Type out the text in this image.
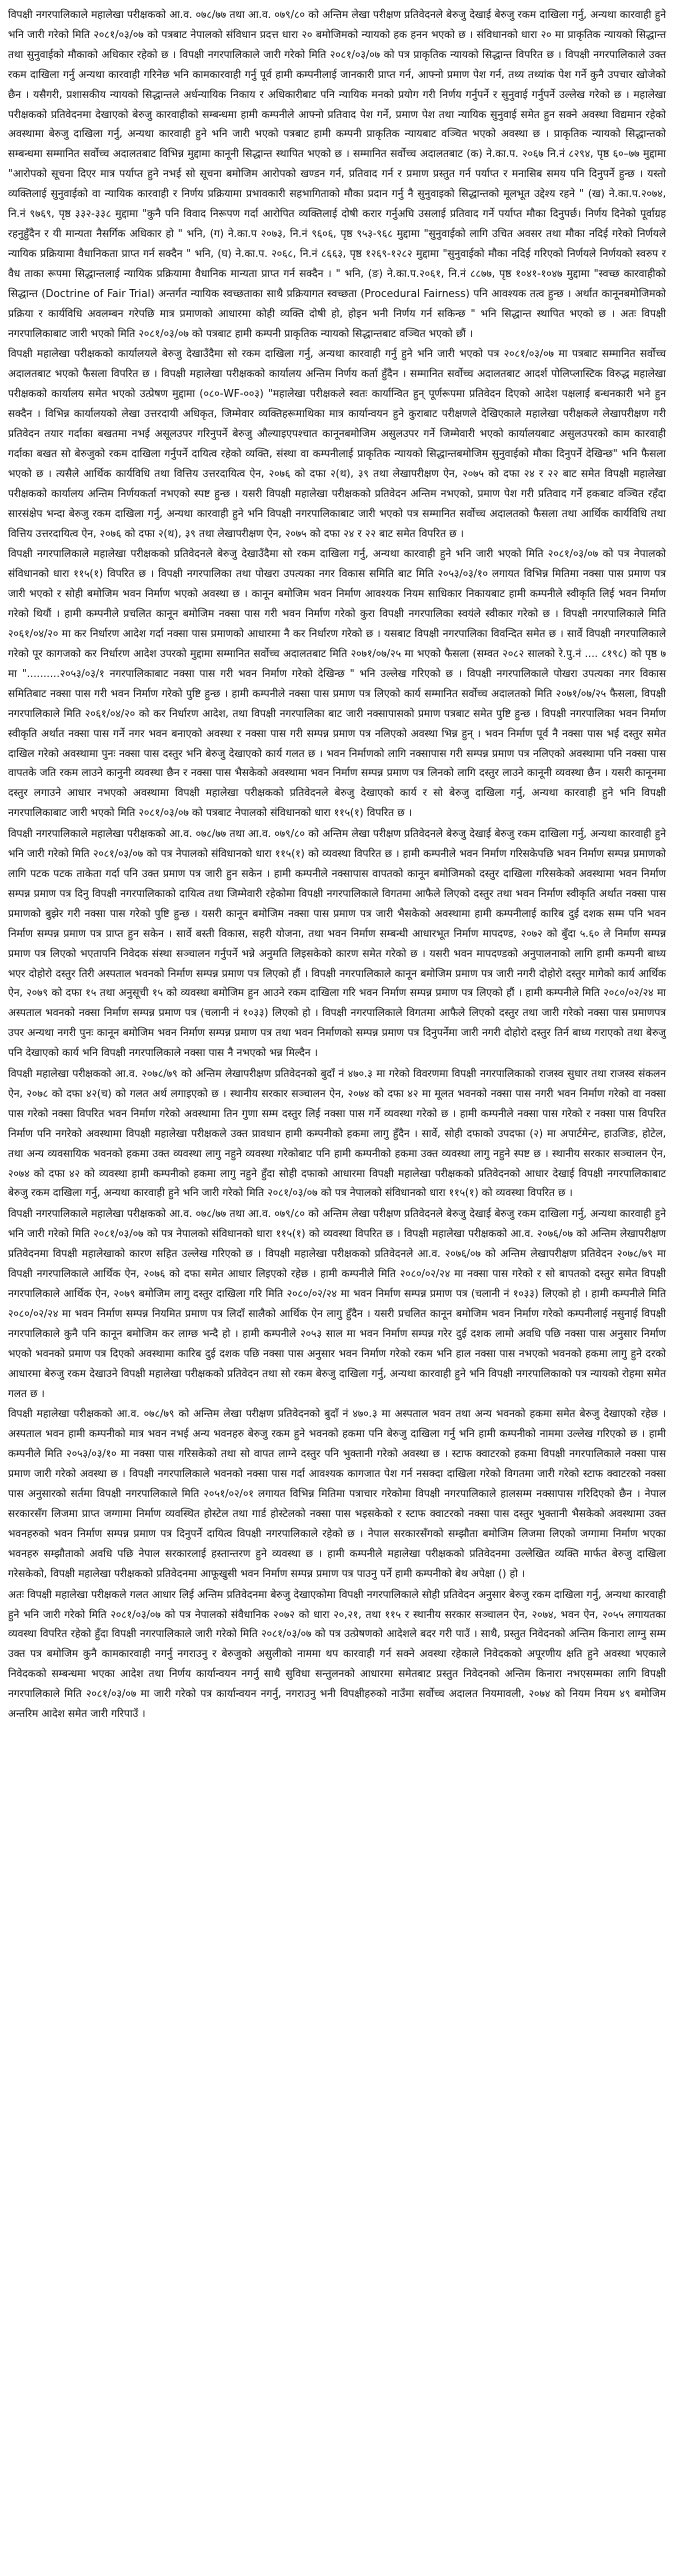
विपक्षी नगरपालिकाले महालेखा परीक्षकको आ.व. ०७८/७७ तथा आ.व. ०७९/८० को अन्तिम लेखा परीक्षण प्रतिवेदनले बेरुजु देखाई बेरुजु रकम दाखिला गर्नु, अन्यथा कारवाही हुने भनि जारी गरेको मिति २०८१/०३/०७ को पत्रबाट नेपालको संविधान प्रदत्त धारा २० बमोजिमको न्यायको हक हनन भएको छ । संविधानको धारा २० मा प्राकृतिक न्यायको सिद्धान्त तथा सुनुवाईको मौकाको अधिकार रहेको छ । विपक्षी नगरपालिकाले जारी गरेको मिति २०८१/०३/०७ को पत्र प्राकृतिक न्यायको सिद्धान्त विपरित छ । विपक्षी नगरपालिकाले उक्त रकम दाखिला गर्नु अन्यथा कारवाही गरिनेछ भनि कामकारवाही गर्नु पूर्व हामी कम्पनीलाई जानकारी प्राप्त गर्न, आफ्नो प्रमाण पेश गर्न, तथ्य तथ्यांक पेश गर्ने कुनै उपचार खोजेको छैन । यसैगरी, प्रशासकीय न्यायको सिद्धान्तले अर्धन्यायिक निकाय र अधिकारीबाट पनि न्यायिक मनको प्रयोग गरी निर्णय गर्नुपर्ने र सुनुवाई गर्नुपर्ने उल्लेख गरेको छ । महालेखा परीक्षकको प्रतिवेदनमा देखाएको बेरुजु कारवाहीको सम्बन्धमा हामी कम्पनीले आफ्नो प्रतिवाद पेश गर्ने, प्रमाण पेश तथा न्यायिक सुनुवाई समेत हुन सक्ने अवस्था विद्यमान रहेको अवस्थामा बेरुजु दाखिला गर्नु, अन्यथा कारवाही हुने भनि जारी भएको पत्रबाट हामी कम्पनी प्राकृतिक न्यायबाट वञ्चित भएको अवस्था छ । प्राकृतिक न्यायको सिद्धान्तको सम्बन्धमा सम्मानित सर्वोच्च अदालतबाट विभिन्न मुद्दामा कानूनी सिद्धान्त स्थापित भएको छ । सम्मानित सर्वोच्च अदालतबाट (क) ने.का.प. २०६७ नि.नं ८२९४, पृष्ठ ६०–७७ मुद्दामा "आरोपको सूचना दिएर मात्र पर्याप्त हुने नभई सो सूचना बमोजिम आरोपको खण्डन गर्न, प्रतिवाद गर्न र प्रमाण प्रस्तुत गर्न पर्याप्त र मनासिब समय पनि दिनुपर्ने हुन्छ । यस्तो व्यक्तिलाई सुनुवाईको वा न्यायिक कारवाही र निर्णय प्रक्रियामा प्रभावकारी सहभागिताको मौका प्रदान गर्नु नै सुनुवाइको सिद्धान्तको मूलभूत उद्देश्य रहने " (ख) ने.का.प.२०७४, नि.नं ९७६९, पृष्ठ ३३२-३३८ मुद्दामा "कुनै पनि विवाद निरूपण गर्दा आरोपित व्यक्तिलाई दोषी करार गर्नुअघि उसलाई प्रतिवाद गर्ने पर्याप्त मौका दिनुपर्छ। निर्णय दिनेको पूर्वाग्रह रहनुहुँदैन र यी मान्यता नैसर्गिक अधिकार हो " भनि, (ग) ने.का.प २०७३, नि.नं ९६०६, पृष्ठ ९५३-९६८ मुद्दामा "सुनुवाईको लागि उचित अवसर तथा मौका नदिई गरेको निर्णयले न्यायिक प्रक्रियामा वैधानिकता प्राप्त गर्न सक्दैन " भनि, (घ) ने.का.प. २०६८, नि.नं ८६६३, पृष्ठ १२६९-१२८२ मुद्दामा "सुनुवाईको मौका नदिई गरिएको निर्णयले निर्णयको स्वरुप र वैध ताका रूपमा सिद्धान्तलाई न्यायिक प्रक्रियामा वैधानिक मान्यता प्राप्त गर्न सक्दैन । " भनि, (ङ) ने.का.प.२०६१, नि.नं ८८७७, पृष्ठ १०४१-१०४७ मुद्दामा "स्वच्छ कारवाहीको सिद्धान्त (Doctrine of Fair Trial) अन्तर्गत न्यायिक स्वच्छताका साथै प्रक्रियागत स्वच्छता (Procedural Fairness) पनि आवश्यक तत्व हुन्छ । अर्थात कानूनबमोजिमको प्रक्रिया र कार्यविधि अवलम्बन गरेपछि मात्र प्रमाणको आधारमा कोही व्यक्ति दोषी हो, होइन भनी निर्णय गर्न सकिन्छ " भनि सिद्धान्त स्थापित भएको छ । अतः विपक्षी नगरपालिकाबाट जारी भएको मिति २०८१/०३/०७ को पत्रबाट हामी कम्पनी प्राकृतिक न्यायको सिद्धान्तबाट वञ्चित भएको छौं ।

विपक्षी महालेखा परीक्षकको कार्यालयले बेरुजु देखाउँदैमा सो रकम दाखिला गर्नु, अन्यथा कारवाही गर्नु हुने भनि जारी भएको पत्र २०८१/०३/०७ मा पत्रबाट सम्मानित सर्वोच्च अदालतबाट भएको फैसला विपरित छ । विपक्षी महालेखा परीक्षकको कार्यालय अन्तिम निर्णय कर्ता हुँदैन । सम्मानित सर्वोच्च अदालतबाट आदर्श पोलिप्लास्टिक विरुद्ध महालेखा परीक्षकको कार्यालय समेत भएको उत्प्रेषण मुद्दामा (०८०-WF-००३) "महालेखा परीक्षकले स्वतः कार्यान्वित हुन् पूर्णरूपमा प्रतिवेदन दिएको आदेश पक्षलाई बन्धनकारी भने हुन सक्दैन । विभिन्न कार्यालयको लेखा उत्तरदायी अधिकृत, जिम्मेवार व्यक्तिहरूमाथिका मात्र कार्यान्वयन हुने कुराबाट परीक्षणले देखिएकाले महालेखा परीक्षकले लेखापरीक्षण गरी प्रतिवेदन तयार गर्दाका बखतमा नभई असूलउपर गरिनुपर्ने बेरुजु औल्याइएपश्चात कानूनबमोजिम असुलउपर गर्ने जिम्मेवारी भएको कार्यालयबाट असुलउपरको काम कारवाही गर्दाका बखत सो बेरुजुको रकम दाखिला गर्नुपर्ने दायित्व रहेको व्यक्ति, संस्था वा कम्पनीलाई प्राकृतिक न्यायको सिद्धान्तबमोजिम सुनुवाईको मौका दिनुपर्ने देखिन्छ" भनि फैसला भएको छ । त्यसैले आर्थिक कार्यविधि तथा वित्तिय उत्तरदायित्व ऐन, २०७६ को दफा २(थ), ३९ तथा लेखापरीक्षण ऐन, २०७५ को दफा २४ र २२ बाट समेत विपक्षी महालेखा परीक्षकको कार्यालय अन्तिम निर्णयकर्ता नभएको स्पष्ट हुन्छ । यसरी विपक्षी महालेखा परीक्षकको प्रतिवेदन अन्तिम नभएको, प्रमाण पेश गरी प्रतिवाद गर्ने हकबाट वञ्चित रहँदा सारसंक्षेप भन्दा बेरुजु रकम दाखिला गर्नु, अन्यथा कारवाही हुने भनि विपक्षी नगरपालिकाबाट जारी भएको पत्र सम्मानित सर्वोच्च अदालतको फैसला तथा आर्थिक कार्यविधि तथा वित्तिय उत्तरदायित्व ऐन, २०७६ को दफा २(थ), ३९ तथा लेखापरीक्षण ऐन, २०७५ को दफा २४ र २२ बाट समेत विपरित छ ।

विपक्षी नगरपालिकाले महालेखा परीक्षकको प्रतिवेदनले बेरुजु देखाउँदैमा सो रकम दाखिला गर्नु, अन्यथा कारवाही हुने भनि जारी भएको मिति २०८१/०३/०७ को पत्र नेपालको संविधानको धारा ११५(१) विपरित छ । विपक्षी नगरपालिका तथा पोखरा उपत्यका नगर विकास समिति बाट मिति २०५३/०३/१० लगायत विभिन्न मितिमा नक्सा पास प्रमाण पत्र जारी भएको र सोही बमोजिम भवन निर्माण भएको अवस्था छ । कानून बमोजिम भवन निर्माण आवश्यक नियम साधिकार निकायबाट हामी कम्पनीले स्वीकृति लिई भवन निर्माण गरेको थियौं । हामी कम्पनीले प्रचलित कानून बमोजिम नक्सा पास गरी भवन निर्माण गरेको कुरा विपक्षी नगरपालिका स्वयंले स्वीकार गरेको छ । विपक्षी नगरपालिकाले मिति २०६१/०४/२० मा कर निर्धारण आदेश गर्दा नक्सा पास प्रमाणको आधारमा नै कर निर्धारण गरेको छ । यसबाट विपक्षी नगरपालिका विवन्दित समेत छ । सार्वे विपक्षी नगरपालिकाले गरेको पूर कागजको कर निर्धारण आदेश उपरको मुद्दामा सम्मानित सर्वोच्च अदालतबाट मिति २०७१/०७/२५ मा भएको फैसला (सम्वत २०८२ सालको रे.पु.नं .... ८१९८) को पृष्ठ ७ मा "..........२०५३/०३/१ नगरपालिकाबाट नक्सा पास गरी भवन निर्माण गरेको देखिन्छ " भनि उल्लेख गरिएको छ । विपक्षी नगरपालिकाले पोखरा उपत्यका नगर विकास समितिबाट नक्सा पास गरी भवन निर्माण गरेको पुष्टि हुन्छ । हामी कम्पनीले नक्सा पास प्रमाण पत्र लिएको कार्य सम्मानित सर्वोच्च अदालतको मिति २०७१/०७/२५ फैसला, विपक्षी नगरपालिकाले मिति २०६१/०४/२० को कर निर्धारण आदेश, तथा विपक्षी नगरपालिका बाट जारी नक्सापासको प्रमाण पत्रबाट समेत पुष्टि हुन्छ । विपक्षी नगरपालिका भवन निर्माण स्वीकृति अर्थात नक्सा पास गर्ने नगर भवन बनाएको अवस्था र नक्सा पास गरी सम्पन्न प्रमाण पत्र नलिएको अवस्था भिन्न हुन् । भवन निर्माण पूर्व नै नक्सा पास भई दस्तुर समेत दाखिल गरेको अवस्थामा पुनः नक्सा पास दस्तुर भनि बेरुजु देखाएको कार्य गलत छ । भवन निर्माणको लागि नक्सापास गरी सम्पन्न प्रमाण पत्र नलिएको अवस्थामा पनि नक्सा पास वापतके जति रकम लाउने कानुनी व्यवस्था छैन र नक्सा पास भैसकेको अवस्थामा भवन निर्माण सम्पन्न प्रमाण पत्र लिनको लागि दस्तुर लाउने कानूनी व्यवस्था छैन । यसरी कानूनमा दस्तुर लगाउने आधार नभएको अवस्थामा विपक्षी महालेखा परीक्षकको प्रतिवेदनले बेरुजु देखाएको कार्य र सो बेरुजु दाखिला गर्नु, अन्यथा कारवाही हुने भनि विपक्षी नगरपालिकाबाट जारी भएको मिति २०८१/०३/०७ को पत्रबाट नेपालको संविधानको धारा ११५(१) विपरित छ ।

विपक्षी नगरपालिकाले महालेखा परीक्षकको आ.व. ०७८/७७ तथा आ.व. ०७९/८० को अन्तिम लेखा परीक्षण प्रतिवेदनले बेरुजु देखाई बेरुजु रकम दाखिला गर्नु, अन्यथा कारवाही हुने भनि जारी गरेको मिति २०८१/०३/०७ को पत्र नेपालको संविधानको धारा ११५(१) को व्यवस्था विपरित छ । हामी कम्पनीले भवन निर्माण गरिसकेपछि भवन निर्माण सम्पन्न प्रमाणको लागि पटक पटक ताकेता गर्दा पनि उक्त प्रमाण पत्र जारी हुन सकेन । हामी कम्पनीले नक्सापास वापतको कानून बमोजिमको दस्तुर दाखिला गरिसकेको अवस्थामा भवन निर्माण सम्पन्न प्रमाण पत्र दिनु विपक्षी नगरपालिकाको दायित्व तथा जिम्मेवारी रहेकोमा विपक्षी नगरपालिकाले विगतमा आफैले लिएको दस्तुर तथा भवन निर्माण स्वीकृति अर्थात नक्सा पास प्रमाणको बुझेर गरी नक्सा पास गरेको पुष्टि हुन्छ । यसरी कानून बमोजिम नक्सा पास प्रमाण पत्र जारी भैसकेको अवस्थामा हामी कम्पनीलाई कारिब दुई दशक सम्म पनि भवन निर्माण सम्पन्न प्रमाण पत्र प्राप्त हुन सकेन । सार्वे बस्ती विकास, सहरी योजना, तथा भवन निर्माण सम्बन्धी आधारभूत निर्माण मापदण्ड, २०७२ को बुँदा ५.६० ले निर्माण सम्पन्न प्रमाण पत्र लिएको भएतापनि निवेदक संस्था सञ्चालन गर्नुपर्ने भन्ने अनुमति लिइसकेको कारण समेत गरेको छ । यसरी भवन मापदण्डको अनुपालनाको लागि हामी कम्पनी बाध्य भएर दोहोरो दस्तुर तिरी अस्पताल भवनको निर्माण सम्पन्न प्रमाण पत्र लिएको हौं । विपक्षी नगरपालिकाले कानून बमोजिम प्रमाण पत्र जारी नगरी दोहोरो दस्तुर मागेको कार्य आर्थिक ऐन, २०७९ को दफा १५ तथा अनुसूची १५ को व्यवस्था बमोजिम हुन आउने रकम दाखिला गरि भवन निर्माण सम्पन्न प्रमाण पत्र लिएको हौं । हामी कम्पनीले मिति २०८०/०२/२४ मा अस्पताल भवनको नक्सा निर्माण सम्पन्न प्रमाण पत्र (चलानी नं १०३३) लिएको हो । विपक्षी नगरपालिकाले विगतमा आफैले लिएको दस्तुर तथा जारी गरेको नक्सा पास प्रमाणपत्र उपर अन्यथा नगरी पुनः कानून बमोजिम भवन निर्माण सम्पन्न प्रमाण पत्र तथा भवन निर्माणको सम्पन्न प्रमाण पत्र दिनुपर्नेमा जारी नगरी दोहोरो दस्तुर तिर्न बाध्य गराएको तथा बेरुजु पनि देखाएको कार्य भनि विपक्षी नगरपालिकाले नक्सा पास नै नभएको भन्न मिल्दैन ।

विपक्षी महालेखा परीक्षकको आ.व. २०७८/७९ को अन्तिम लेखापरीक्षण प्रतिवेदनको बुदाँ नं ४७०.३ मा गरेको विवरणमा विपक्षी नगरपालिकाको राजस्व सुधार तथा राजस्व संकलन ऐन, २०७८ को दफा ४२(च) को गलत अर्थ लगाइएको छ । स्थानीय सरकार सञ्चालन ऐन, २०७४ को दफा ४२ मा मूलत भवनको नक्सा पास नगरी भवन निर्माण गरेको वा नक्सा पास गरेको नक्सा विपरित भवन निर्माण गरेको अवस्थामा तिन गुणा सम्म दस्तुर लिई नक्सा पास गर्ने व्यवस्था गरेको छ । हामी कम्पनीले नक्सा पास गरेको र नक्सा पास विपरित निर्माण पनि नगरेको अवस्थामा विपक्षी महालेखा परीक्षकले उक्त प्रावधान हामी कम्पनीको हकमा लागु हुँदैन । सार्वे, सोही दफाको उपदफा (२) मा अपार्टमेन्ट, हाउजिङ, होटेल, तथा अन्य व्यवसायिक भवनको हकमा उक्त व्यवस्था लागु नहुने व्यवस्था गरेकोबाट पनि हामी कम्पनीको हकमा उक्त व्यवस्था लागु नहुने स्पष्ट छ । स्थानीय सरकार सञ्चालन ऐन, २०७४ को दफा ४२ को व्यवस्था हामी कम्पनीको हकमा लागु नहुने हुँदा सोही दफाको आधारमा विपक्षी महालेखा परीक्षकको प्रतिवेदनको आधार देखाई विपक्षी नगरपालिकाबाट बेरुजु रकम दाखिला गर्नु, अन्यथा कारवाही हुने भनि जारी गरेको मिति २०८१/०३/०७ को पत्र नेपालको संविधानको धारा ११५(१) को व्यवस्था विपरित छ ।

विपक्षी नगरपालिकाले महालेखा परीक्षकको आ.व. ०७८/७७ तथा आ.व. ०७९/८० को अन्तिम लेखा परीक्षण प्रतिवेदनले बेरुजु देखाई बेरुजु रकम दाखिला गर्नु, अन्यथा कारवाही हुने भनि जारी गरेको मिति २०८१/०३/०७ को पत्र नेपालको संविधानको धारा ११५(१) को व्यवस्था विपरित छ । विपक्षी महालेखा परीक्षकको आ.व. २०७६/०७ को अन्तिम लेखापरीक्षण प्रतिवेदनमा विपक्षी महालेखाको कारण सहित उल्लेख गरिएको छ । विपक्षी महालेखा परीक्षकको प्रतिवेदनले आ.व. २०७६/०७ को अन्तिम लेखापरीक्षण प्रतिवेदन २०७८/७९ मा विपक्षी नगरपालिकाले आर्थिक ऐन, २०७६ को दफा समेत आधार लिइएको रहेछ । हामी कम्पनीले मिति २०८०/०२/२४ मा नक्सा पास गरेको र सो बापतको दस्तुर समेत विपक्षी नगरपालिकाले आर्थिक ऐन, २०७९ बमोजिम लागु दस्तुर दाखिला गरि मिति २०८०/०२/२४ मा भवन निर्माण सम्पन्न प्रमाण पत्र (चलानी नं १०३३) लिएको हो । हामी कम्पनीले मिति २०८०/०२/२४ मा भवन निर्माण सम्पन्न नियमित प्रमाण पत्र लिदाँ सालैको आर्थिक ऐन लागु हुँदैन । यसरी प्रचलित कानून बमोजिम भवन निर्माण गरेको कम्पनीलाई नसुनाई विपक्षी नगरपालिकाले कुनै पनि कानून बमोजिम कर लाग्छ भन्दै हो । हामी कम्पनीले २०५३ साल मा भवन निर्माण सम्पन्न गरेर दुई दशक लामो अवधि पछि नक्सा पास अनुसार निर्माण भएको भवनको प्रमाण पत्र दिएको अवस्थामा कारिब दुई दशक पछि नक्सा पास अनुसार भवन निर्माण गरेको रकम भनि हाल नक्सा पास नभएको भवनको हकमा लागु हुने दरको आधारमा बेरुजु रकम देखाउने विपक्षी महालेखा परीक्षकको प्रतिवेदन तथा सो रकम बेरुजु दाखिला गर्नु, अन्यथा कारवाही हुने भनि विपक्षी नगरपालिकाको पत्र न्यायको रोहमा समेत गलत छ ।

विपक्षी महालेखा परीक्षकको आ.व. ०७८/७९ को अन्तिम लेखा परीक्षण प्रतिवेदनको बुदाँ नं ४७०.३ मा अस्पताल भवन तथा अन्य भवनको हकमा समेत बेरुजु देखाएको रहेछ । अस्पताल भवन हामी कम्पनीको मात्र भवन नभई अन्य भवनहरु बेरुजु रकम हुने भवनको हकमा पनि बेरुजु दाखिला गर्नु भनि हामी कम्पनीको नाममा उल्लेख गरिएको छ । हामी कम्पनीले मिति २०५३/०३/१० मा नक्सा पास गरिसकेको तथा सो वापत लाग्ने दस्तुर पनि भुक्तानी गरेको अवस्था छ । स्टाफ क्वाटरको हकमा विपक्षी नगरपालिकाले नक्सा पास प्रमाण जारी गरेको अवस्था छ । विपक्षी नगरपालिकाले भवनको नक्सा पास गर्दा आवश्यक कागजात पेश गर्न नसक्दा दाखिला गरेको विगतमा जारी गरेको स्टाफ क्वाटरको नक्सा पास अनुसारको सर्तमा विपक्षी नगरपालिकाले मिति २०५१/०२/०१ लगायत विभिन्न मितिमा पत्राचार गरेकोमा विपक्षी नगरपालिकाले हालसम्म नक्सापास गरिदिएको छैन । नेपाल सरकारसँग लिजमा प्राप्त जग्गामा निर्माण व्यवस्थित होस्टेल तथा गार्ड होस्टेलको नक्सा पास भइसकेको र स्टाफ क्वाटरको नक्सा पास दस्तुर भुक्तानी भैसकेको अवस्थामा उक्त भवनहरुको भवन निर्माण सम्पन्न प्रमाण पत्र दिनुपर्ने दायित्व विपक्षी नगरपालिकाले रहेको छ । नेपाल सरकारसँगको सम्झौता बमोजिम लिजमा लिएको जग्गामा निर्माण भएका भवनहरु सम्झौताको अवधि पछि नेपाल सरकारलाई हस्तान्तरण हुने व्यवस्था छ । हामी कम्पनीले महालेखा परीक्षकको प्रतिवेदनमा उल्लेखित व्यक्ति मार्फत बेरुजु दाखिला गरेसकेको, विपक्षी महालेखा परीक्षकको प्रतिवेदनमा आफूखुसी भवन निर्माण सम्पन्न प्रमाण पत्र पाउनु पर्ने हामी कम्पनीको बेथ अपेक्षा () हो ।

अतः विपक्षी महालेखा परीक्षकले गलत आधार लिई अन्तिम प्रतिवेदनमा बेरुजु देखाएकोमा विपक्षी नगरपालिकाले सोही प्रतिवेदन अनुसार बेरुजु रकम दाखिला गर्नु, अन्यथा कारवाही हुने भनि जारी गरेको मिति २०८१/०३/०७ को पत्र नेपालको संवैधानिक २०७२ को धारा २०,२१, तथा ११५ र स्थानीय सरकार सञ्चालन ऐन, २०७४, भवन ऐन, २०५५ लगायतका व्यवस्था विपरित रहेको हुँदा विपक्षी नगरपालिकाले जारी गरेको मिति २०८१/०३/०७ को पत्र उत्प्रेषणको आदेशले बदर गरी पाउँ । साथै, प्रस्तुत निवेदनको अन्तिम किनारा लाग्नु सम्म उक्त पत्र बमोजिम कुनै कामकारवाही नगर्नु नगराउनु र बेरुजुको असुलीको नाममा थप कारवाही गर्न सक्ने अवस्था रहेकाले निवेदकको अपूरणीय क्षति हुने अवस्था भएकाले निवेदकको सम्बन्धमा भएका आदेश तथा निर्णय कार्यान्वयन नगर्नु साथै सुविधा सन्तुलनको आधारमा समेतबाट प्रस्तुत निवेदनको अन्तिम किनारा नभएसम्मका लागि विपक्षी नगरपालिकाले मिति २०८१/०३/०७ मा जारी गरेको पत्र कार्यान्वयन नगर्नु, नगराउनु भनी विपक्षीहरुको नाउँमा सर्वोच्च अदालत नियमावली, २०७४ को नियम नियम ४९ बमोजिम अन्तरिम आदेश समेत जारी गरिपाउँ ।
